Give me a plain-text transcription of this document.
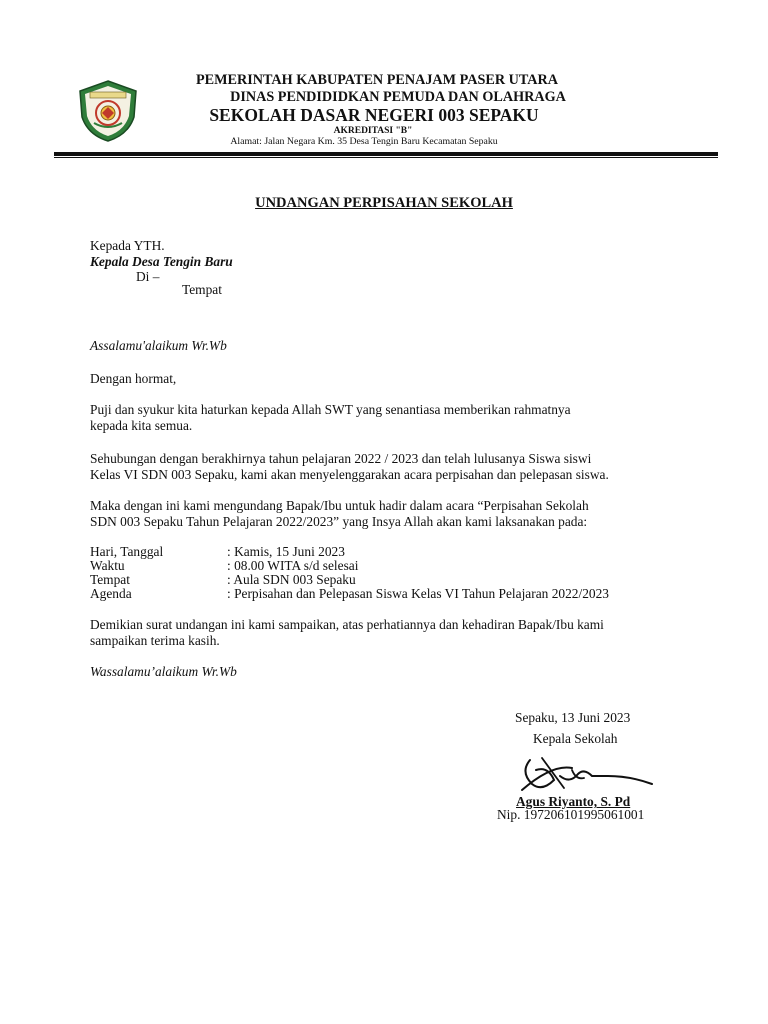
PEMERINTAH KABUPATEN PENAJAM PASER UTARA
DINAS PENDIDIDKAN PEMUDA DAN OLAHRAGA
SEKOLAH DASAR NEGERI 003 SEPAKU
AKREDITASI "B"
Alamat: Jalan Negara Km. 35 Desa Tengin Baru Kecamatan Sepaku
UNDANGAN PERPISAHAN SEKOLAH
Kepada YTH.
Kepala Desa Tengin Baru
Di –
Tempat
Assalamu'alaikum Wr.Wb
Dengan hormat,
Puji dan syukur kita haturkan kepada Allah SWT yang senantiasa memberikan rahmatnya
kepada kita semua.
Sehubungan dengan berakhirnya tahun pelajaran 2022 / 2023 dan telah lulusanya Siswa siswi
Kelas VI SDN 003 Sepaku, kami akan menyelenggarakan acara perpisahan dan pelepasan siswa.
Maka dengan ini kami mengundang Bapak/Ibu untuk hadir dalam acara “Perpisahan Sekolah
SDN 003 Sepaku Tahun Pelajaran 2022/2023” yang Insya Allah akan kami laksanakan pada:
Hari, Tanggal	: Kamis, 15 Juni 2023
Waktu	: 08.00 WITA s/d selesai
Tempat	: Aula SDN 003 Sepaku
Agenda	: Perpisahan dan Pelepasan Siswa Kelas VI Tahun Pelajaran 2022/2023
Demikian surat undangan ini kami sampaikan, atas perhatiannya dan kehadiran Bapak/Ibu kami
sampaikan terima kasih.
Wassalamu’alaikum Wr.Wb
Sepaku, 13 Juni 2023
Kepala Sekolah
Agus Riyanto, S. Pd
Nip. 197206101995061001
